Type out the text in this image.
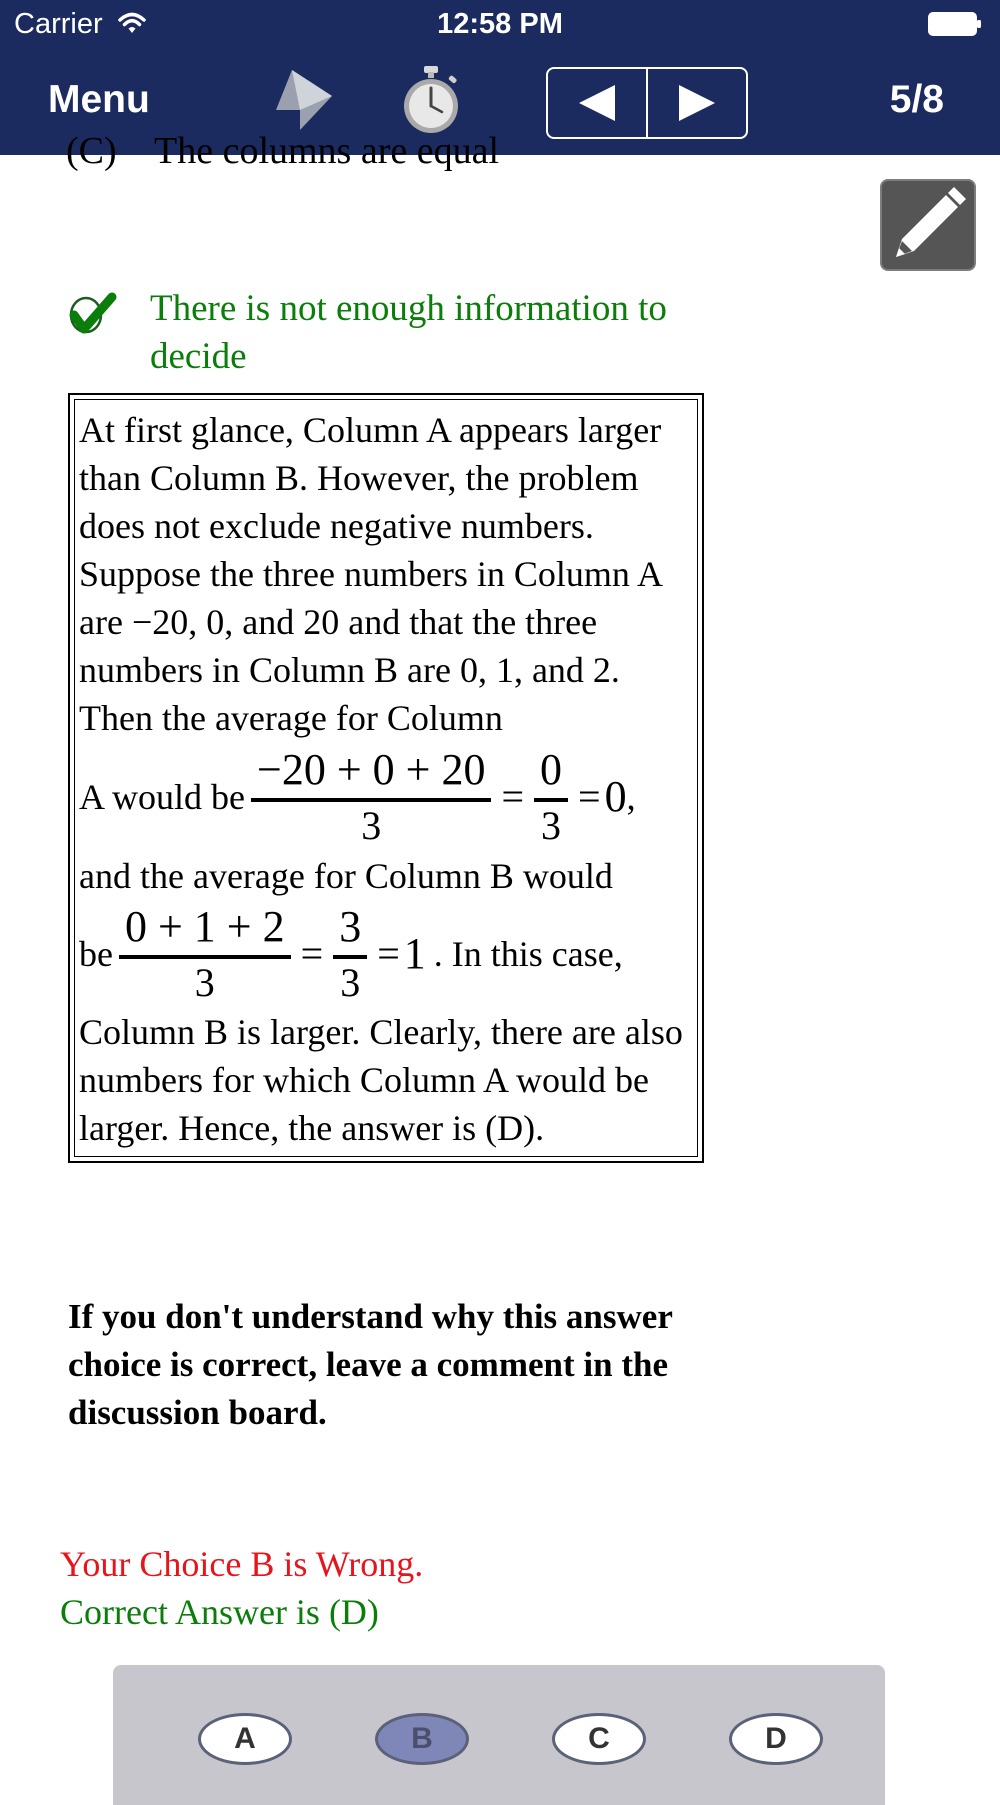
Carrier	12:58 PM
Menu	5/8
(C) The columns are equal
There is not enough information to decide
At first glance, Column A appears larger than Column B. However, the problem does not exclude negative numbers. Suppose the three numbers in Column A are −20, 0, and 20 and that the three numbers in Column B are 0, 1, and 2. Then the average for Column
A would be $\frac{-20 + 0 + 20}{3} = \frac{0}{3} = 0$ ,
and the average for Column B would
be $\frac{0 + 1 + 2}{3} = \frac{3}{3} = 1$ . In this case,
Column B is larger. Clearly, there are also numbers for which Column A would be larger. Hence, the answer is (D).
If you don't understand why this answer choice is correct, leave a comment in the discussion board.
Your Choice B is Wrong.
Correct Answer is (D)
A	B	C	D
